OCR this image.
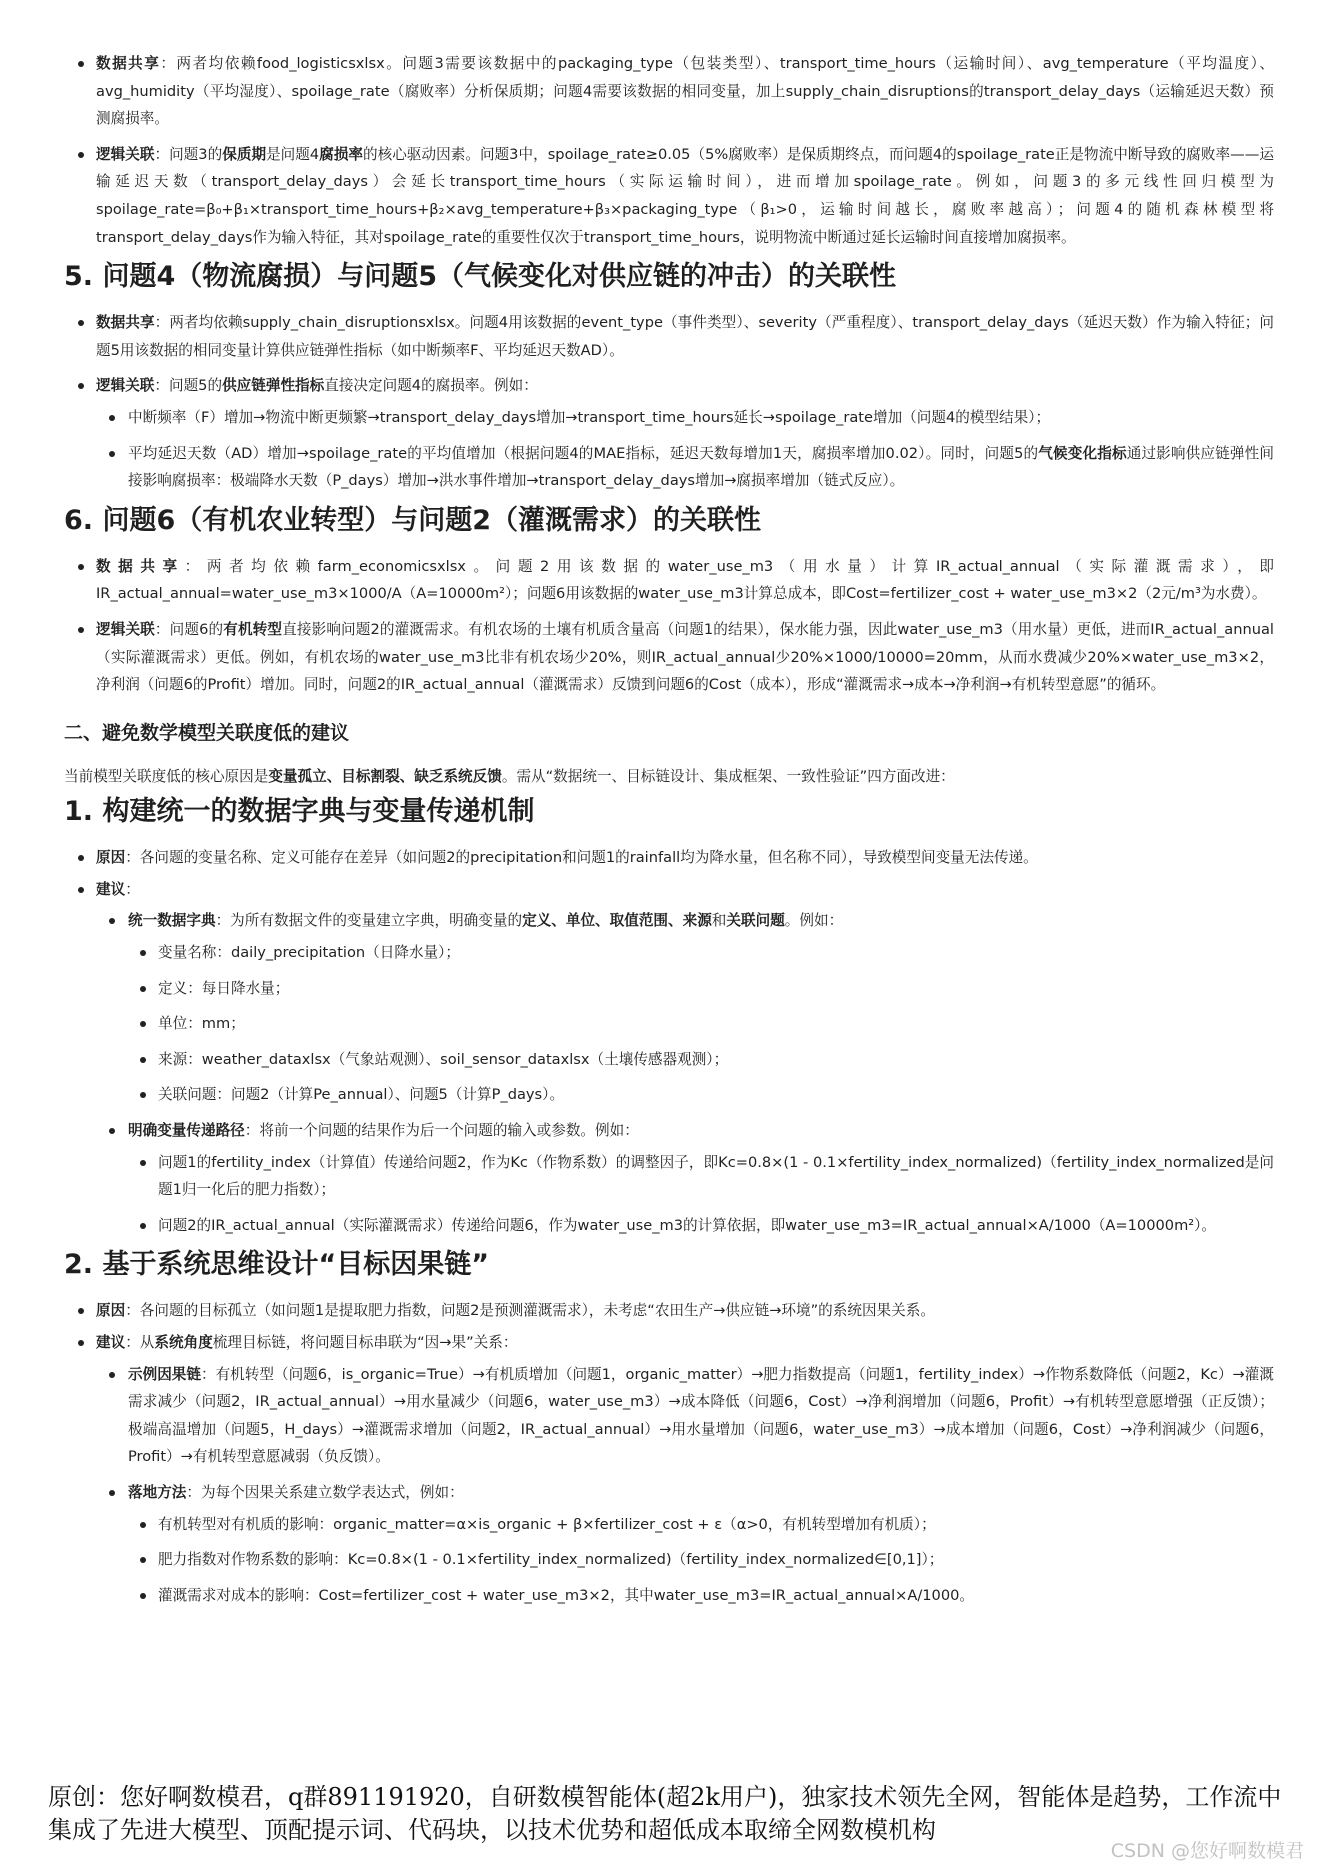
数据共享：两者均依赖food_logisticsxlsx。问题3需要该数据中的packaging_type（包装类型）、transport_time_hours（运输时间）、avg_temperature（平均温度）、avg_humidity（平均湿度）、spoilage_rate（腐败率）分析保质期；问题4需要该数据的相同变量，加上supply_chain_disruptions的transport_delay_days（运输延迟天数）预测腐损率。
逻辑关联：问题3的保质期是问题4腐损率的核心驱动因素。问题3中，spoilage_rate≥0.05（5%腐败率）是保质期终点，而问题4的spoilage_rate正是物流中断导致的腐败率——运输延迟天数（transport_delay_days）会延长transport_time_hours（实际运输时间），进而增加spoilage_rate。例如，问题3的多元线性回归模型为spoilage_rate=β₀+β₁×transport_time_hours+β₂×avg_temperature+β₃×packaging_type（β₁>0，运输时间越长，腐败率越高）；问题4的随机森林模型将transport_delay_days作为输入特征，其对spoilage_rate的重要性仅次于transport_time_hours，说明物流中断通过延长运输时间直接增加腐损率。
5. 问题4（物流腐损）与问题5（气候变化对供应链的冲击）的关联性
数据共享：两者均依赖supply_chain_disruptionsxlsx。问题4用该数据的event_type（事件类型）、severity（严重程度）、transport_delay_days（延迟天数）作为输入特征；问题5用该数据的相同变量计算供应链弹性指标（如中断频率F、平均延迟天数AD）。
逻辑关联：问题5的供应链弹性指标直接决定问题4的腐损率。例如：
中断频率（F）增加→物流中断更频繁→transport_delay_days增加→transport_time_hours延长→spoilage_rate增加（问题4的模型结果）；
平均延迟天数（AD）增加→spoilage_rate的平均值增加（根据问题4的MAE指标，延迟天数每增加1天，腐损率增加0.02）。同时，问题5的气候变化指标通过影响供应链弹性间接影响腐损率：极端降水天数（P_days）增加→洪水事件增加→transport_delay_days增加→腐损率增加（链式反应）。
6. 问题6（有机农业转型）与问题2（灌溉需求）的关联性
数据共享：两者均依赖farm_economicsxlsx。问题2用该数据的water_use_m3（用水量）计算IR_actual_annual（实际灌溉需求），即IR_actual_annual=water_use_m3×1000/A（A=10000m²）；问题6用该数据的water_use_m3计算总成本，即Cost=fertilizer_cost + water_use_m3×2（2元/m³为水费）。
逻辑关联：问题6的有机转型直接影响问题2的灌溉需求。有机农场的土壤有机质含量高（问题1的结果），保水能力强，因此water_use_m3（用水量）更低，进而IR_actual_annual（实际灌溉需求）更低。例如，有机农场的water_use_m3比非有机农场少20%，则IR_actual_annual少20%×1000/10000=20mm，从而水费减少20%×water_use_m3×2，净利润（问题6的Profit）增加。同时，问题2的IR_actual_annual（灌溉需求）反馈到问题6的Cost（成本），形成“灌溉需求→成本→净利润→有机转型意愿”的循环。
二、避免数学模型关联度低的建议
当前模型关联度低的核心原因是变量孤立、目标割裂、缺乏系统反馈。需从“数据统一、目标链设计、集成框架、一致性验证”四方面改进：
1. 构建统一的数据字典与变量传递机制
原因：各问题的变量名称、定义可能存在差异（如问题2的precipitation和问题1的rainfall均为降水量，但名称不同），导致模型间变量无法传递。
建议：
统一数据字典：为所有数据文件的变量建立字典，明确变量的定义、单位、取值范围、来源和关联问题。例如：
变量名称：daily_precipitation（日降水量）；
定义：每日降水量；
单位：mm；
来源：weather_dataxlsx（气象站观测）、soil_sensor_dataxlsx（土壤传感器观测）；
关联问题：问题2（计算Pe_annual）、问题5（计算P_days）。
明确变量传递路径：将前一个问题的结果作为后一个问题的输入或参数。例如：
问题1的fertility_index（计算值）传递给问题2，作为Kc（作物系数）的调整因子，即Kc=0.8×(1 - 0.1×fertility_index_normalized)（fertility_index_normalized是问题1归一化后的肥力指数）；
问题2的IR_actual_annual（实际灌溉需求）传递给问题6，作为water_use_m3的计算依据，即water_use_m3=IR_actual_annual×A/1000（A=10000m²）。
2. 基于系统思维设计“目标因果链”
原因：各问题的目标孤立（如问题1是提取肥力指数，问题2是预测灌溉需求），未考虑“农田生产→供应链→环境”的系统因果关系。
建议：从系统角度梳理目标链，将问题目标串联为“因→果”关系：
示例因果链：有机转型（问题6，is_organic=True）→有机质增加（问题1，organic_matter）→肥力指数提高（问题1，fertility_index）→作物系数降低（问题2，Kc）→灌溉需求减少（问题2，IR_actual_annual）→用水量减少（问题6，water_use_m3）→成本降低（问题6，Cost）→净利润增加（问题6，Profit）→有机转型意愿增强（正反馈）；极端高温增加（问题5，H_days）→灌溉需求增加（问题2，IR_actual_annual）→用水量增加（问题6，water_use_m3）→成本增加（问题6，Cost）→净利润减少（问题6，Profit）→有机转型意愿减弱（负反馈）。
落地方法：为每个因果关系建立数学表达式，例如：
有机转型对有机质的影响：organic_matter=α×is_organic + β×fertilizer_cost + ε（α>0，有机转型增加有机质）；
肥力指数对作物系数的影响：Kc=0.8×(1 - 0.1×fertility_index_normalized)（fertility_index_normalized∈[0,1]）；
灌溉需求对成本的影响：Cost=fertilizer_cost + water_use_m3×2，其中water_use_m3=IR_actual_annual×A/1000。
原创：您好啊数模君，q群891191920，自研数模智能体(超2k用户)，独家技术领先全网，智能体是趋势，工作流中集成了先进大模型、顶配提示词、代码块，以技术优势和超低成本取缔全网数模机构
CSDN @您好啊数模君
